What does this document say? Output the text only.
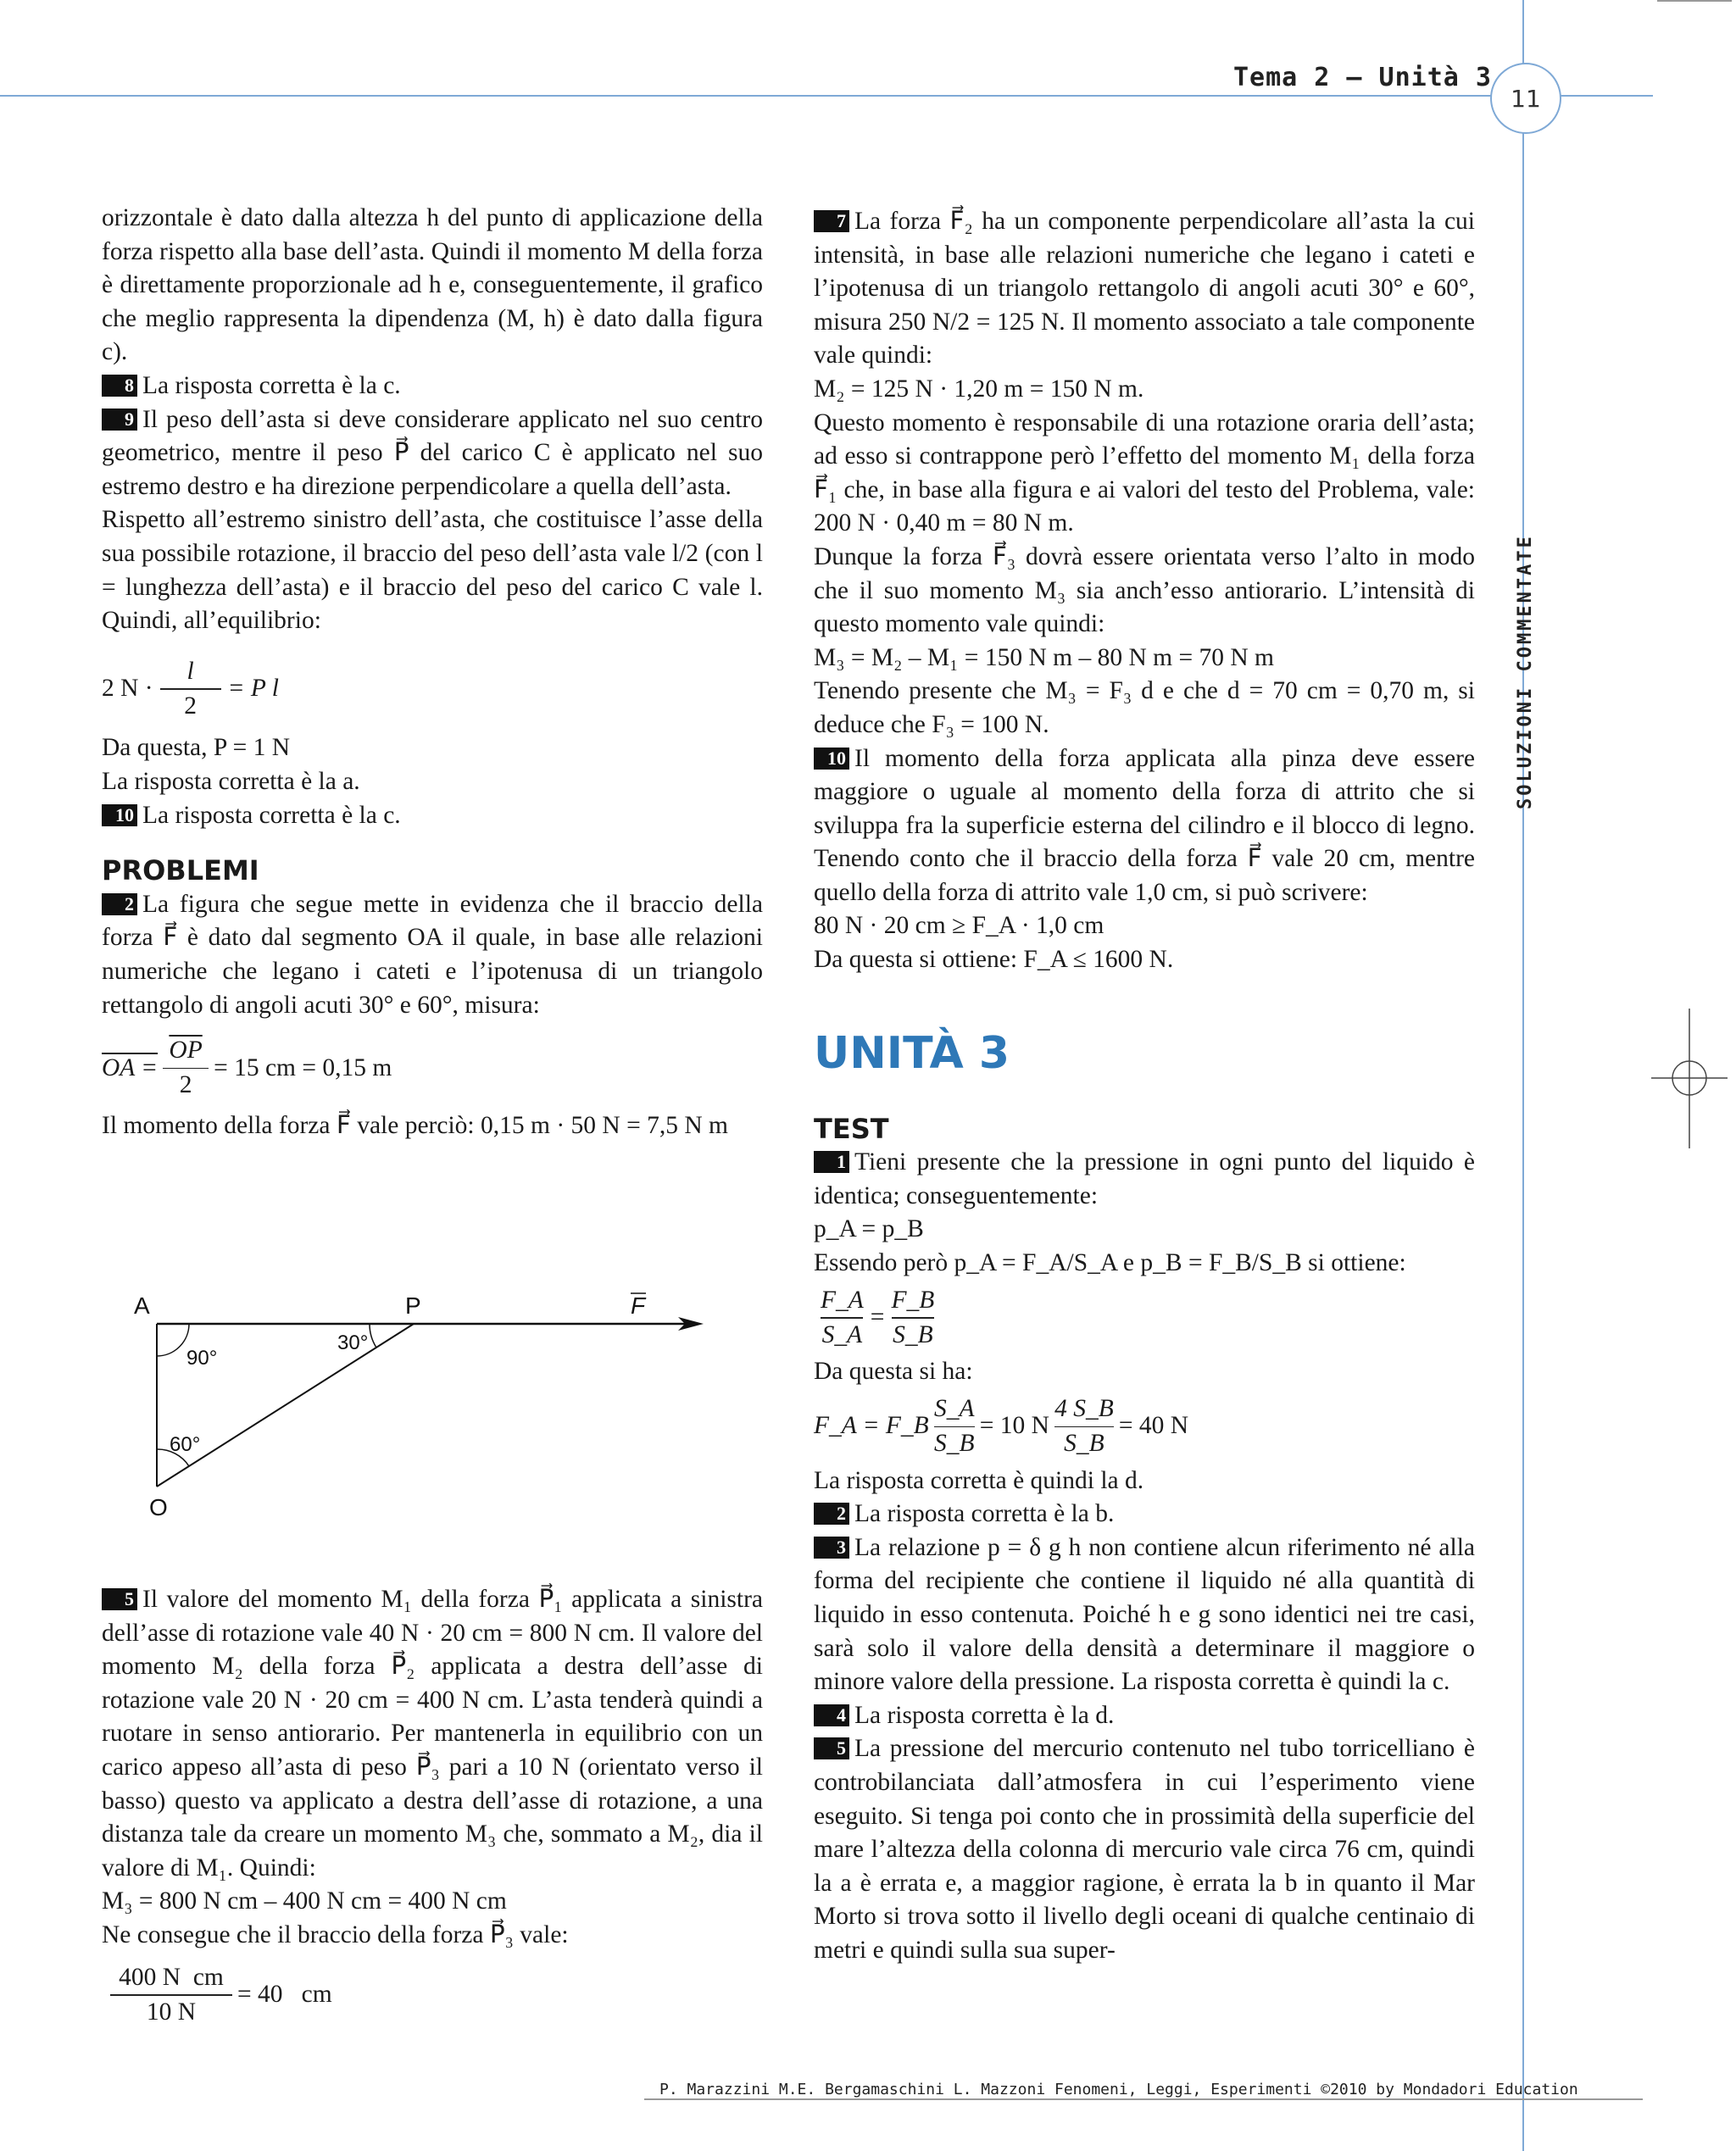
Tema 2 – Unità 3
11
SOLUZIONI COMMENTATE

orizzontale è dato dalla altezza h del punto di applicazione della forza rispetto alla base dell’asta. Quindi il momento M della forza è direttamente proporzionale ad h e, conseguentemente, il grafico che meglio rappresenta la dipendenza (M, h) è dato dalla figura c).

8 La risposta corretta è la c.

9 Il peso dell’asta si deve considerare applicato nel suo centro geometrico, mentre il peso P⃗ del carico C è applicato nel suo estremo destro e ha direzione perpendicolare a quella dell’asta.

Rispetto all’estremo sinistro dell’asta, che costituisce l’asse della sua possibile rotazione, il braccio del peso dell’asta vale l/2 (con l = lunghezza dell’asta) e il braccio del peso del carico C vale l. Quindi, all’equilibrio:

2 N ·
l
2
= P l

Da questa, P = 1 N

La risposta corretta è la a.

10 La risposta corretta è la c.

PROBLEMI

2 La figura che segue mette in evidenza che il braccio della forza F⃗ è dato dal segmento OA il quale, in base alle relazioni numeriche che legano i cateti e l’ipotenusa di un triangolo rettangolo di angoli acuti 30° e 60°, misura:

OA =
$\overline{OP}$
2
= 15 cm = 0,15 m

Il momento della forza F⃗ vale perciò: 0,15 m · 50 N = 7,5 N m

A	P	F
O
90°
30°
60°

5 Il valore del momento M₁ della forza P⃗₁ applicata a sinistra dell’asse di rotazione vale 40 N · 20 cm = 800 N cm. Il valore del momento M₂ della forza P⃗₂ applicata a destra dell’asse di rotazione vale 20 N · 20 cm = 400 N cm. L’asta tenderà quindi a ruotare in senso antiorario. Per mantenerla in equilibrio con un carico appeso all’asta di peso P⃗₃ pari a 10 N (orientato verso il basso) questo va applicato a destra dell’asse di rotazione, a una distanza tale da creare un momento M₃ che, sommato a M₂, dia il valore di M₁. Quindi:

M₃ = 800 N cm – 400 N cm = 400 N cm

Ne consegue che il braccio della forza P⃗₃ vale:

400 N  cm
10 N
= 40   cm

7 La forza F⃗₂ ha un componente perpendicolare all’asta la cui intensità, in base alle relazioni numeriche che legano i cateti e l’ipotenusa di un triangolo rettangolo di angoli acuti 30° e 60°, misura 250 N/2 = 125 N. Il momento associato a tale componente vale quindi:

M₂ = 125 N · 1,20 m = 150 N m.

Questo momento è responsabile di una rotazione oraria dell’asta; ad esso si contrappone però l’effetto del momento M₁ della forza F⃗₁ che, in base alla figura e ai valori del testo del Problema, vale: 200 N · 0,40 m = 80 N m.

Dunque la forza F⃗₃ dovrà essere orientata verso l’alto in modo che il suo momento M₃ sia anch’esso antiorario. L’intensità di questo momento vale quindi:

M₃ = M₂ – M₁ = 150 N m – 80 N m = 70 N m

Tenendo presente che M₃ = F₃ d e che d = 70 cm = 0,70 m, si deduce che F₃ = 100 N.

10 Il momento della forza applicata alla pinza deve essere maggiore o uguale al momento della forza di attrito che si sviluppa fra la superficie esterna del cilindro e il blocco di legno. Tenendo conto che il braccio della forza F⃗ vale 20 cm, mentre quello della forza di attrito vale 1,0 cm, si può scrivere:

80 N · 20 cm ≥ F_A · 1,0 cm

Da questa si ottiene: F_A ≤ 1600 N.

UNITÀ 3
TEST

1 Tieni presente che la pressione in ogni punto del liquido è identica; conseguentemente:

p_A = p_B

Essendo però p_A = F_A/S_A e p_B = F_B/S_B si ottiene:

F_A
S_A
=
F_B
S_B

Da questa si ha:

F_A = F_B
S_A
S_B
= 10 N
4 S_B
S_B
= 40 N

La risposta corretta è quindi la d.

2 La risposta corretta è la b.

3 La relazione p = δ g h non contiene alcun riferimento né alla forma del recipiente che contiene il liquido né alla quantità di liquido in esso contenuta. Poiché h e g sono identici nei tre casi, sarà solo il valore della densità a determinare il maggiore o minore valore della pressione. La risposta corretta è quindi la c.

4 La risposta corretta è la d.

5 La pressione del mercurio contenuto nel tubo torricelliano è controbilanciata dall’atmosfera in cui l’esperimento viene eseguito. Si tenga poi conto che in prossimità della superficie del mare l’altezza della colonna di mercurio vale circa 76 cm, quindi la a è errata e, a maggior ragione, è errata la b in quanto il Mar Morto si trova sotto il livello degli oceani di qualche centinaio di metri e quindi sulla sua super-

P. Marazzini M.E. Bergamaschini L. Mazzoni Fenomeni, Leggi, Esperimenti ©2010 by Mondadori Education
